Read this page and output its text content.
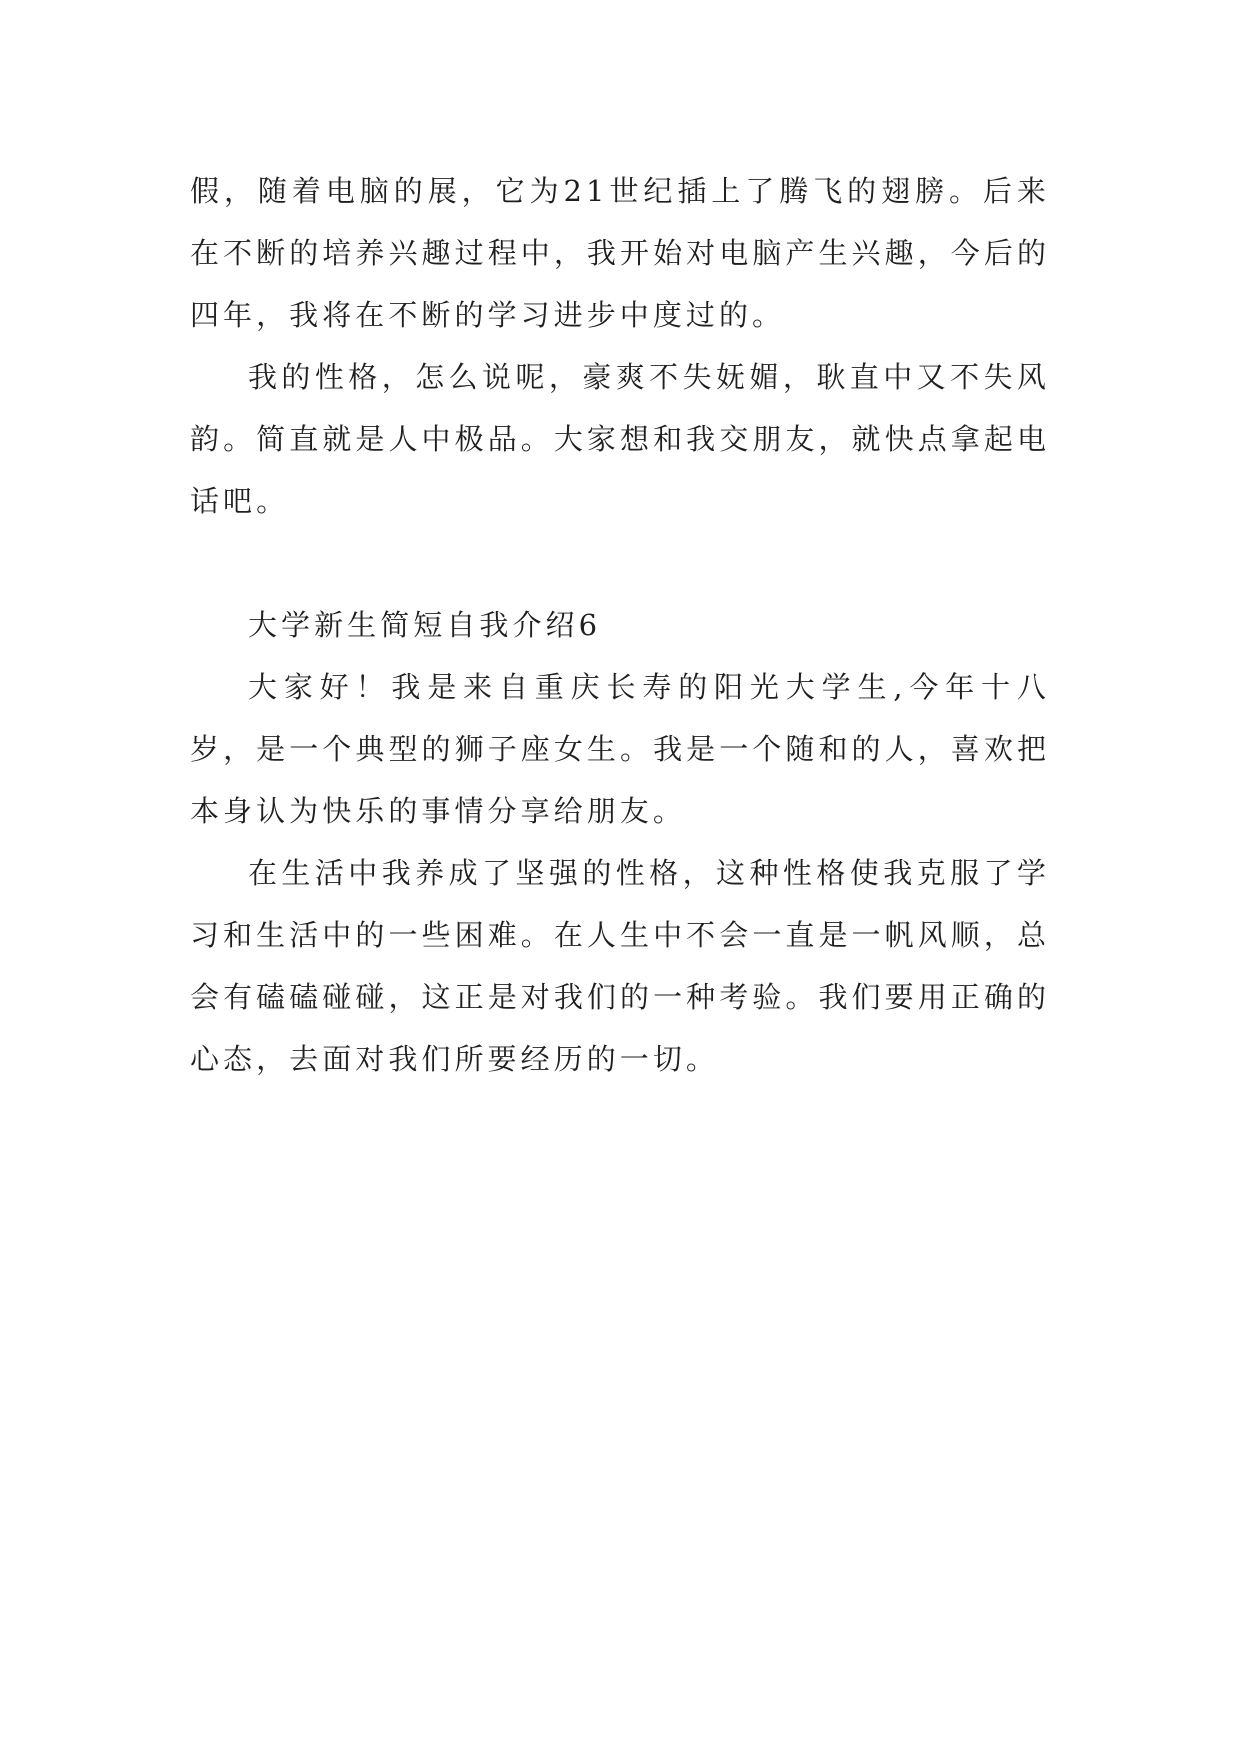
假，随着电脑的展，它为21世纪插上了腾飞的翅膀。后来在不断的培养兴趣过程中，我开始对电脑产生兴趣，今后的四年，我将在不断的学习进步中度过的。

我的性格，怎么说呢，豪爽不失妩媚，耿直中又不失风韵。简直就是人中极品。大家想和我交朋友，就快点拿起电话吧。

大学新生简短自我介绍6

大家好！我是来自重庆长寿的阳光大学生,今年十八岁，是一个典型的狮子座女生。我是一个随和的人，喜欢把本身认为快乐的事情分享给朋友。

在生活中我养成了坚强的性格，这种性格使我克服了学习和生活中的一些困难。在人生中不会一直是一帆风顺，总会有磕磕碰碰，这正是对我们的一种考验。我们要用正确的心态，去面对我们所要经历的一切。
